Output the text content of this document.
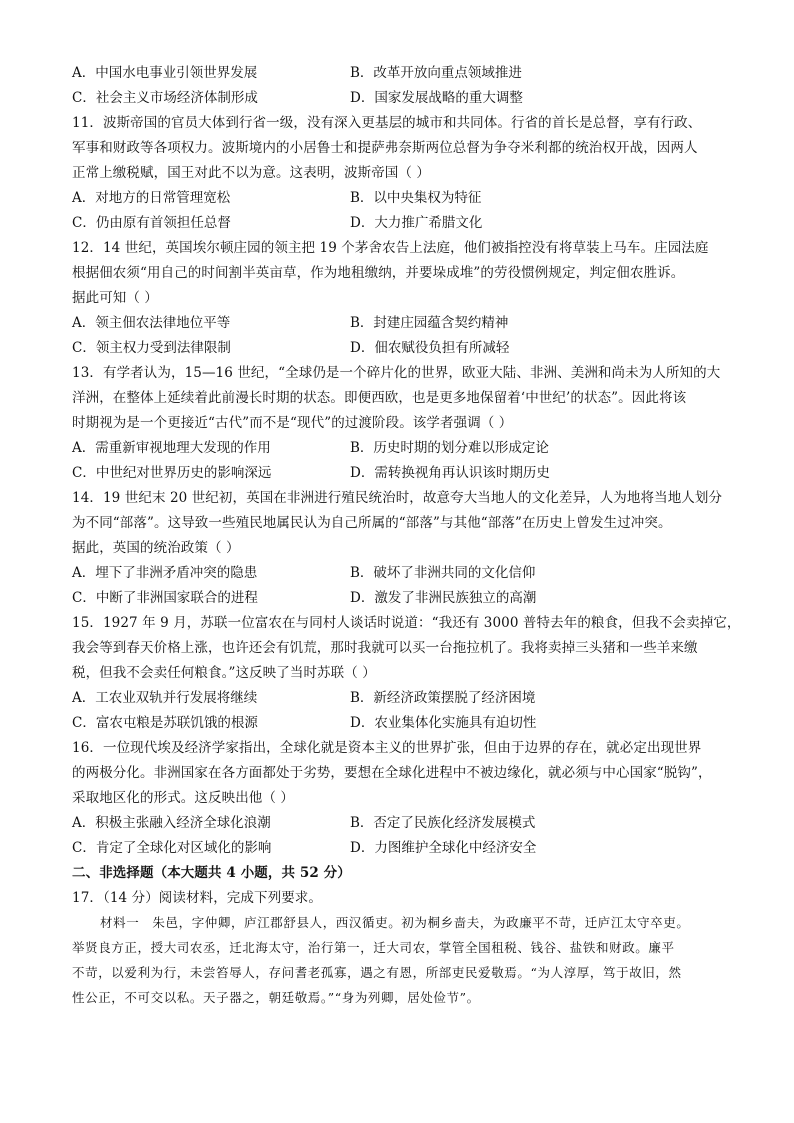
A．中国水电事业引领世界发展	B．改革开放向重点领域推进
C．社会主义市场经济体制形成	D．国家发展战略的重大调整
11．波斯帝国的官员大体到行省一级，没有深入更基层的城市和共同体。行省的首长是总督，享有行政、
军事和财政等各项权力。波斯境内的小居鲁士和提萨弗奈斯两位总督为争夺米利都的统治权开战，因两人
正常上缴税赋，国王对此不以为意。这表明，波斯帝国（ ）
A．对地方的日常管理宽松	B．以中央集权为特征
C．仍由原有首领担任总督	D．大力推广希腊文化
12．14 世纪，英国埃尔顿庄园的领主把 19 个茅舍农告上法庭，他们被指控没有将草装上马车。庄园法庭
根据佃农须“用自己的时间割半英亩草，作为地租缴纳，并要垛成堆”的劳役惯例规定，判定佃农胜诉。
据此可知（ ）
A．领主佃农法律地位平等	B．封建庄园蕴含契约精神
C．领主权力受到法律限制	D．佃农赋役负担有所减轻
13．有学者认为，15—16 世纪，“全球仍是一个碎片化的世界，欧亚大陆、非洲、美洲和尚未为人所知的大
洋洲，在整体上延续着此前漫长时期的状态。即便西欧，也是更多地保留着‘中世纪’的状态”。因此将该
时期视为是一个更接近“古代”而不是“现代”的过渡阶段。该学者强调（ ）
A．需重新审视地理大发现的作用	B．历史时期的划分难以形成定论
C．中世纪对世界历史的影响深远	D．需转换视角再认识该时期历史
14．19 世纪末 20 世纪初，英国在非洲进行殖民统治时，故意夸大当地人的文化差异，人为地将当地人划分
为不同“部落”。这导致一些殖民地属民认为自己所属的“部落”与其他“部落”在历史上曾发生过冲突。
据此，英国的统治政策（ ）
A．埋下了非洲矛盾冲突的隐患	B．破坏了非洲共同的文化信仰
C．中断了非洲国家联合的进程	D．激发了非洲民族独立的高潮
15．1927 年 9 月，苏联一位富农在与同村人谈话时说道：“我还有 3000 普特去年的粮食，但我不会卖掉它，
我会等到春天价格上涨，也许还会有饥荒，那时我就可以买一台拖拉机了。我将卖掉三头猪和一些羊来缴
税，但我不会卖任何粮食。”这反映了当时苏联（ ）
A．工农业双轨并行发展将继续	B．新经济政策摆脱了经济困境
C．富农屯粮是苏联饥饿的根源	D．农业集体化实施具有迫切性
16．一位现代埃及经济学家指出，全球化就是资本主义的世界扩张，但由于边界的存在，就必定出现世界
的两极分化。非洲国家在各方面都处于劣势，要想在全球化进程中不被边缘化，就必须与中心国家“脱钩”，
采取地区化的形式。这反映出他（ ）
A．积极主张融入经济全球化浪潮	B．否定了民族化经济发展模式
C．肯定了全球化对区域化的影响	D．力图维护全球化中经济安全
二、非选择题（本大题共 4 小题，共 52 分）
17．（14 分）阅读材料，完成下列要求。
材料一　朱邑，字仲卿，庐江郡舒县人，西汉循吏。初为桐乡啬夫，为政廉平不苛，迁庐江太守卒吏。
举贤良方正，授大司农丞，迁北海太守，治行第一，迁大司农，掌管全国租税、钱谷、盐铁和财政。廉平
不苛，以爱利为行，未尝笞辱人，存问耆老孤寡，遇之有恩，所部吏民爱敬焉。“为人淳厚，笃于故旧，然
性公正，不可交以私。天子器之，朝廷敬焉。”“身为列卿，居处俭节”。
